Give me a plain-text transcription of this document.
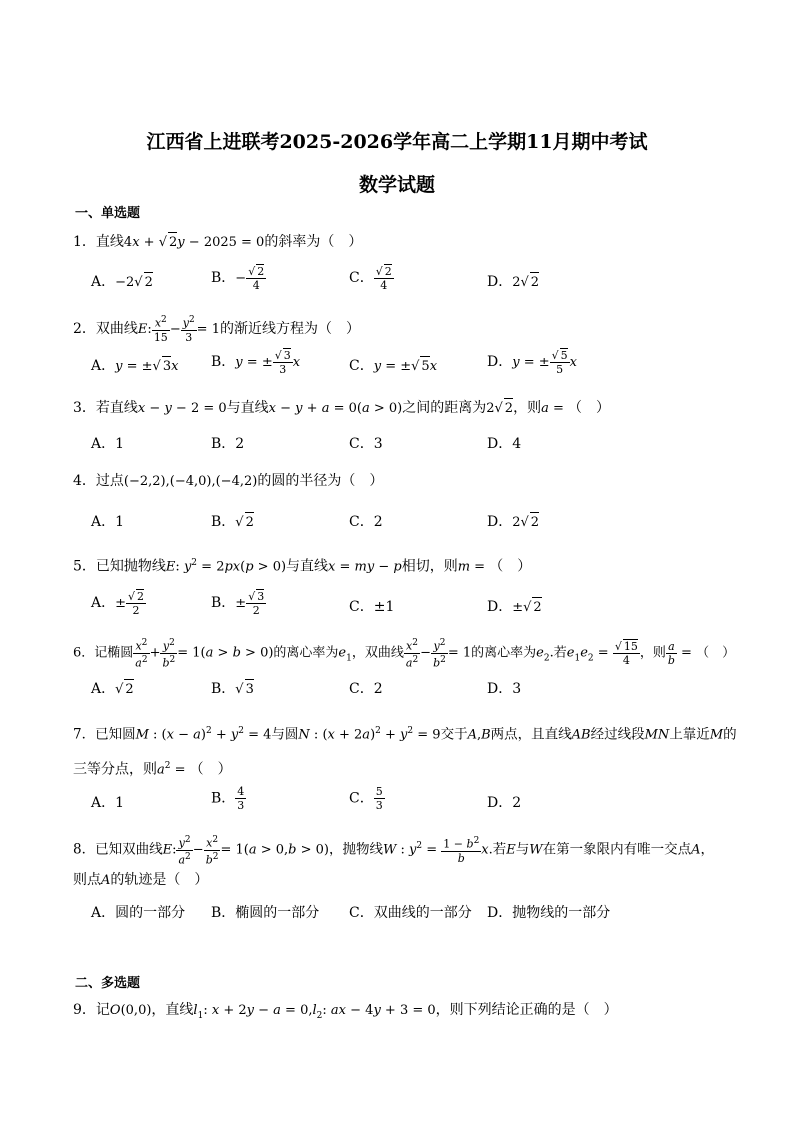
江西省上进联考2025-2026学年高二上学期11月期中考试
数学试题
一、单选题
1．直线4x + √ 2y − 2025 = 0的斜率为（　）
A．−2√ 2	B．− $\frac{√ 2}{4}$	C． $\frac{√ 2}{4}$	D．2√ 2
2．双曲线E: $\frac{x^2}{15} - \frac{y^2}{3} = 1$的渐近线方程为（　）
A．y = ±√ 3x B．y = ± $\frac{√ 3}{3}$ x	C．y = ±√ 5x	D．y = ± $\frac{√ 5}{5}$ x
3．若直线x − y − 2 = 0与直线x − y + a = 0(a > 0)之间的距离为2√ 2，则a = （　）
A．1	B．2	C．3	D．4
4．过点(−2,2),(−4,0),(−4,2)的圆的半径为（　）
A．1	B．√ 2	C．2	D．2√ 2
5．已知抛物线E: $y^2 = 2px(p > 0)$与直线x = my − p相切，则m = （　）
A．± $\frac{√ 2}{2}$	B．± $\frac{√ 3}{2}$	C．±1	D．±√ 2
6．记椭圆 $\frac{x^2}{a^2} + \frac{y^2}{b^2} = 1(a > b > 0)$的离心率为$e_1$，双曲线 $\frac{x^2}{a^2} - \frac{y^2}{b^2} = 1$的离心率为$e_2$.若$e_1e_2 = \frac{√ 15}{4}$ ，则 $\frac{a}{b}$ = （　）
A．√ 2	B．√ 3	C．2	D．3
7．已知圆M : $(x - a)^2 + y^2 = 4$与圆N : $(x + 2a)^2 + y^2 = 9$交于A,B两点，且直线AB经过线段MN上靠近M的
三等分点，则$a^2$ = （　）
A．1	B． $\frac{4}{3}$	C． $\frac{5}{3}$	D．2
8．已知双曲线E: $\frac{y^2}{a^2} - \frac{x^2}{b^2} = 1(a > 0,b > 0)$，抛物线W : $y^2 = \frac{1 - b^2}{b} x$.若E与W在第一象限内有唯一交点A，
则点A的轨迹是（　）
A．圆的一部分 B．椭圆的一部分 C．双曲线的一部分 D．抛物线的一部分
二、多选题
9．记O(0,0)，直线$l_1$: $x + 2y - a = 0,l_2$: ax − 4y + 3 = 0，则下列结论正确的是（　）
